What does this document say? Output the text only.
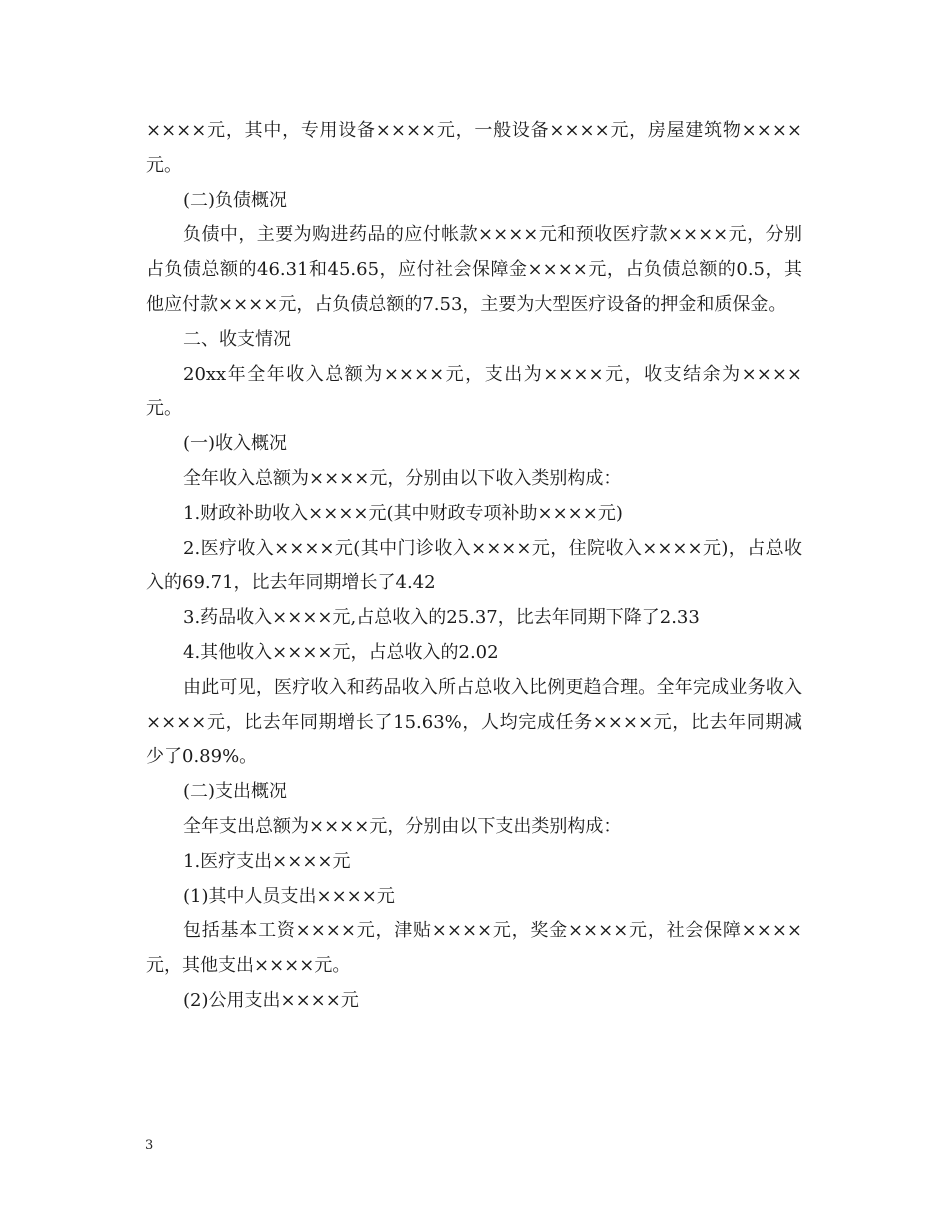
××××元，其中，专用设备××××元，一般设备××××元，房屋建筑物××××元。

(二)负债概况

负债中，主要为购进药品的应付帐款××××元和预收医疗款××××元，分别占负债总额的46.31和45.65，应付社会保障金××××元，占负债总额的0.5，其他应付款××××元，占负债总额的7.53，主要为大型医疗设备的押金和质保金。

二、收支情况

20xx年全年收入总额为××××元，支出为××××元，收支结余为××××元。

(一)收入概况

全年收入总额为××××元，分别由以下收入类别构成：

1.财政补助收入××××元(其中财政专项补助××××元)

2.医疗收入××××元(其中门诊收入××××元，住院收入××××元)，占总收入的69.71，比去年同期增长了4.42

3.药品收入××××元,占总收入的25.37，比去年同期下降了2.33

4.其他收入××××元，占总收入的2.02

由此可见，医疗收入和药品收入所占总收入比例更趋合理。全年完成业务收入××××元，比去年同期增长了15.63%，人均完成任务××××元，比去年同期减少了0.89%。

(二)支出概况

全年支出总额为××××元，分别由以下支出类别构成：

1.医疗支出××××元

(1)其中人员支出××××元

包括基本工资××××元，津贴××××元，奖金××××元，社会保障××××元，其他支出××××元。

(2)公用支出××××元

3
